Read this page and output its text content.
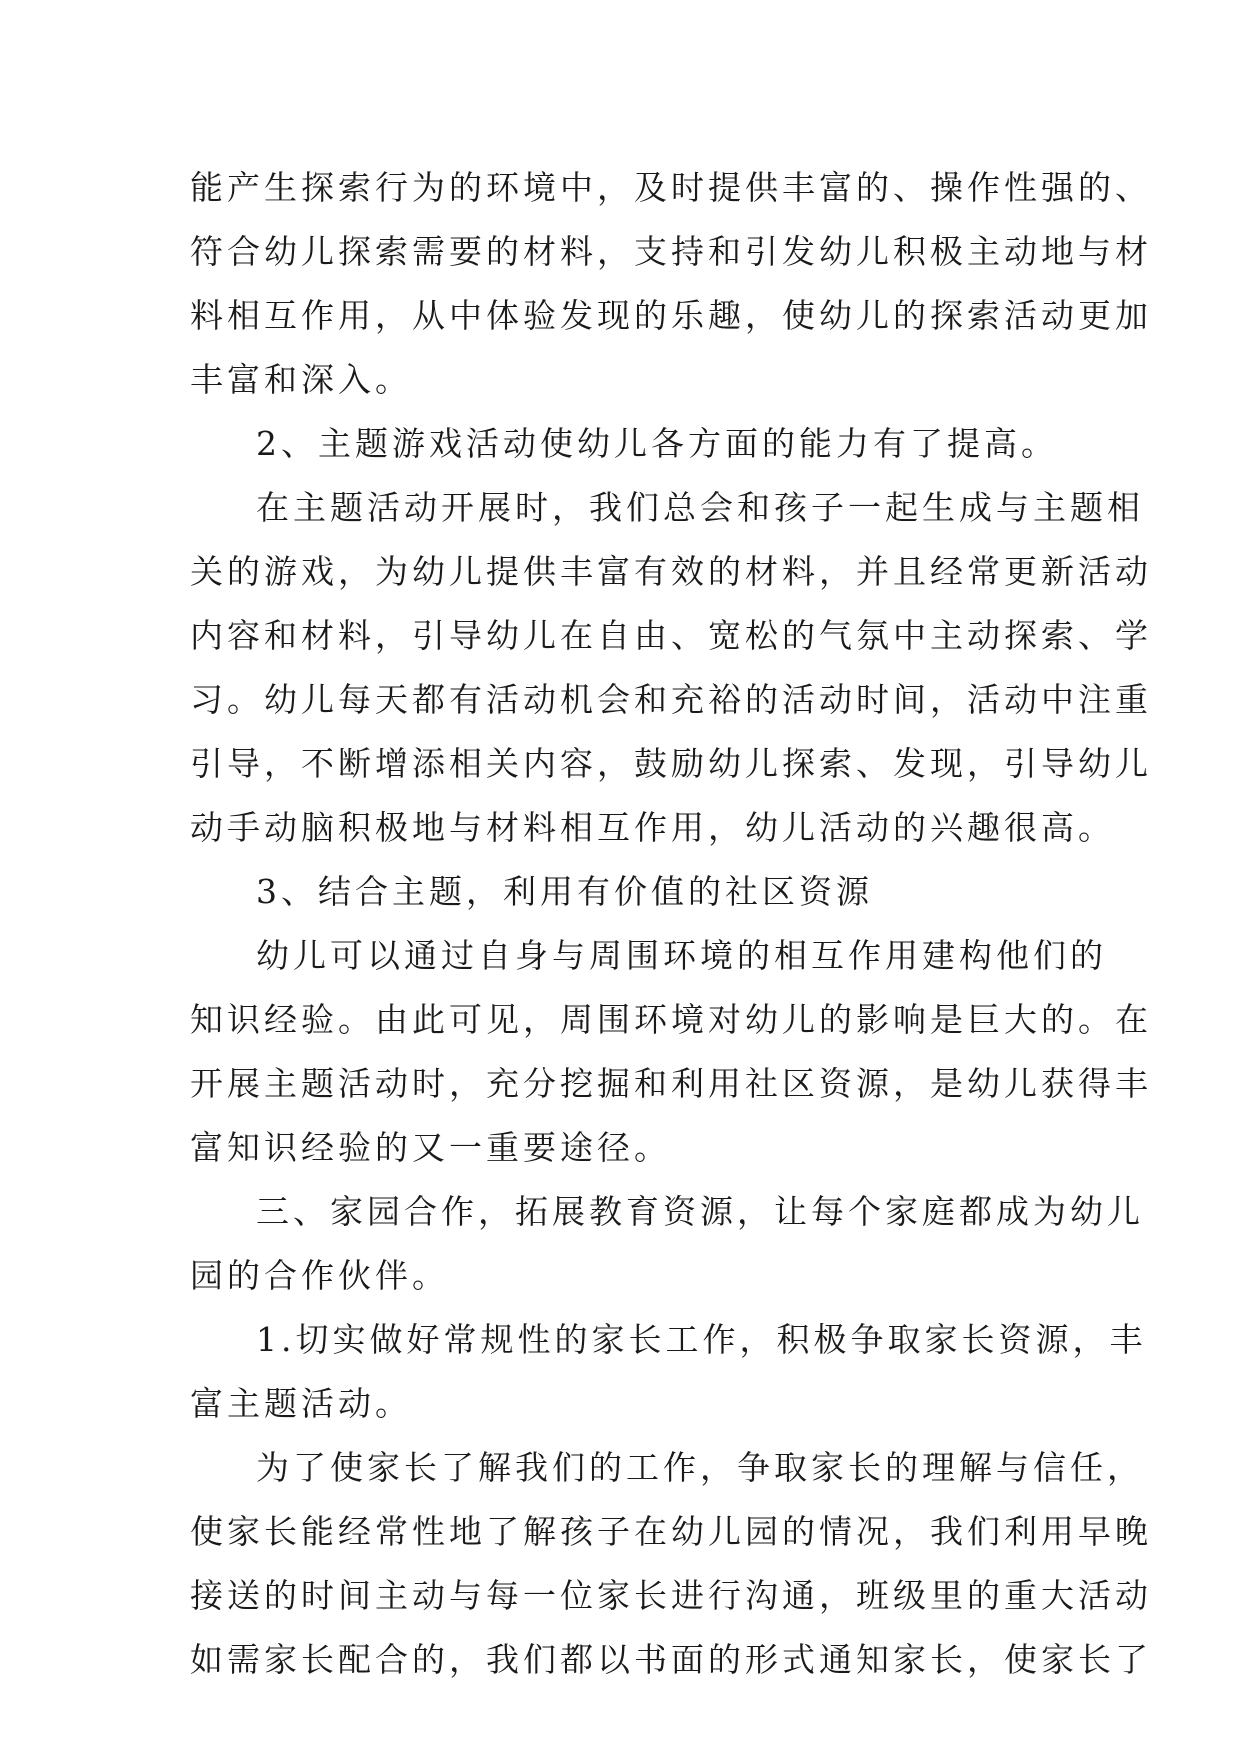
能产生探索行为的环境中，及时提供丰富的、操作性强的、
符合幼儿探索需要的材料，支持和引发幼儿积极主动地与材
料相互作用，从中体验发现的乐趣，使幼儿的探索活动更加
丰富和深入。
2、主题游戏活动使幼儿各方面的能力有了提高。
在主题活动开展时，我们总会和孩子一起生成与主题相
关的游戏，为幼儿提供丰富有效的材料，并且经常更新活动
内容和材料，引导幼儿在自由、宽松的气氛中主动探索、学
习。幼儿每天都有活动机会和充裕的活动时间，活动中注重
引导，不断增添相关内容，鼓励幼儿探索、发现，引导幼儿
动手动脑积极地与材料相互作用，幼儿活动的兴趣很高。
3、结合主题，利用有价值的社区资源
幼儿可以通过自身与周围环境的相互作用建构他们的
知识经验。由此可见，周围环境对幼儿的影响是巨大的。在
开展主题活动时，充分挖掘和利用社区资源，是幼儿获得丰
富知识经验的又一重要途径。
三、家园合作，拓展教育资源，让每个家庭都成为幼儿
园的合作伙伴。
1.切实做好常规性的家长工作，积极争取家长资源，丰
富主题活动。
为了使家长了解我们的工作，争取家长的理解与信任，
使家长能经常性地了解孩子在幼儿园的情况，我们利用早晚
接送的时间主动与每一位家长进行沟通，班级里的重大活动
如需家长配合的，我们都以书面的形式通知家长，使家长了
